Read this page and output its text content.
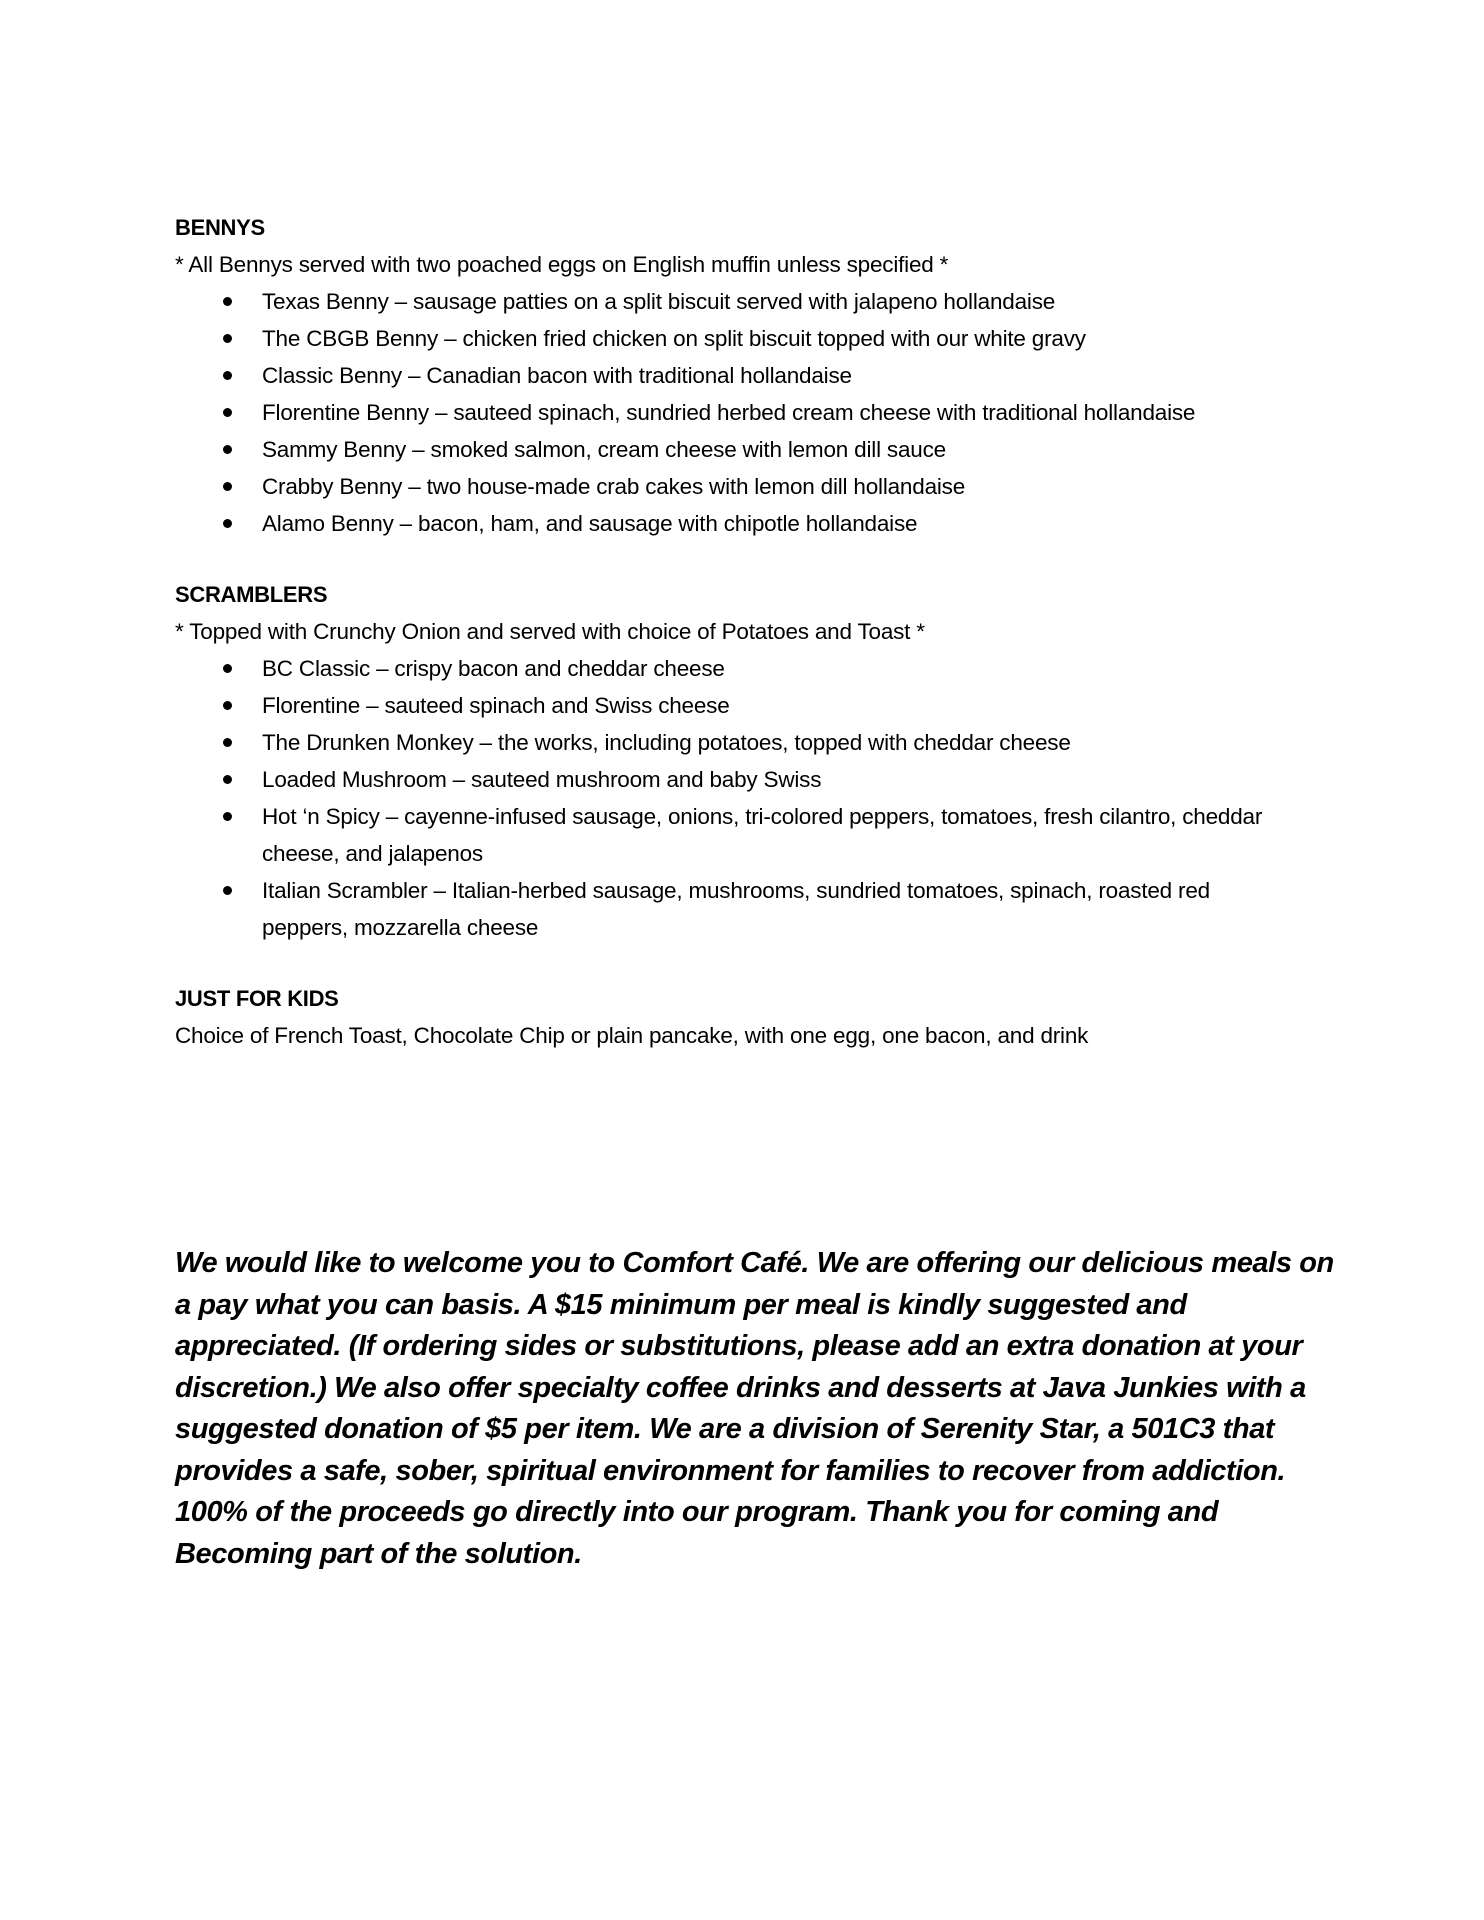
BENNYS

* All Bennys served with two poached eggs on English muffin unless specified *

Texas Benny – sausage patties on a split biscuit served with jalapeno hollandaise
The CBGB Benny – chicken fried chicken on split biscuit topped with our white gravy
Classic Benny – Canadian bacon with traditional hollandaise
Florentine Benny – sauteed spinach, sundried herbed cream cheese with traditional hollandaise
Sammy Benny – smoked salmon, cream cheese with lemon dill sauce
Crabby Benny – two house-made crab cakes with lemon dill hollandaise
Alamo Benny – bacon, ham, and sausage with chipotle hollandaise

SCRAMBLERS

* Topped with Crunchy Onion and served with choice of Potatoes and Toast *

BC Classic – crispy bacon and cheddar cheese
Florentine – sauteed spinach and Swiss cheese
The Drunken Monkey – the works, including potatoes, topped with cheddar cheese
Loaded Mushroom – sauteed mushroom and baby Swiss
Hot ‘n Spicy – cayenne-infused sausage, onions, tri-colored peppers, tomatoes, fresh cilantro, cheddar cheese, and jalapenos
Italian Scrambler – Italian-herbed sausage, mushrooms, sundried tomatoes, spinach, roasted red peppers, mozzarella cheese

JUST FOR KIDS

Choice of French Toast, Chocolate Chip or plain pancake, with one egg, one bacon, and drink

We would like to welcome you to Comfort Café. We are offering our delicious meals on a pay what you can basis. A $15 minimum per meal is kindly suggested and appreciated. (If ordering sides or substitutions, please add an extra donation at your discretion.) We also offer specialty coffee drinks and desserts at Java Junkies with a suggested donation of $5 per item. We are a division of Serenity Star, a 501C3 that provides a safe, sober, spiritual environment for families to recover from addiction. 100% of the proceeds go directly into our program. Thank you for coming and Becoming part of the solution.
